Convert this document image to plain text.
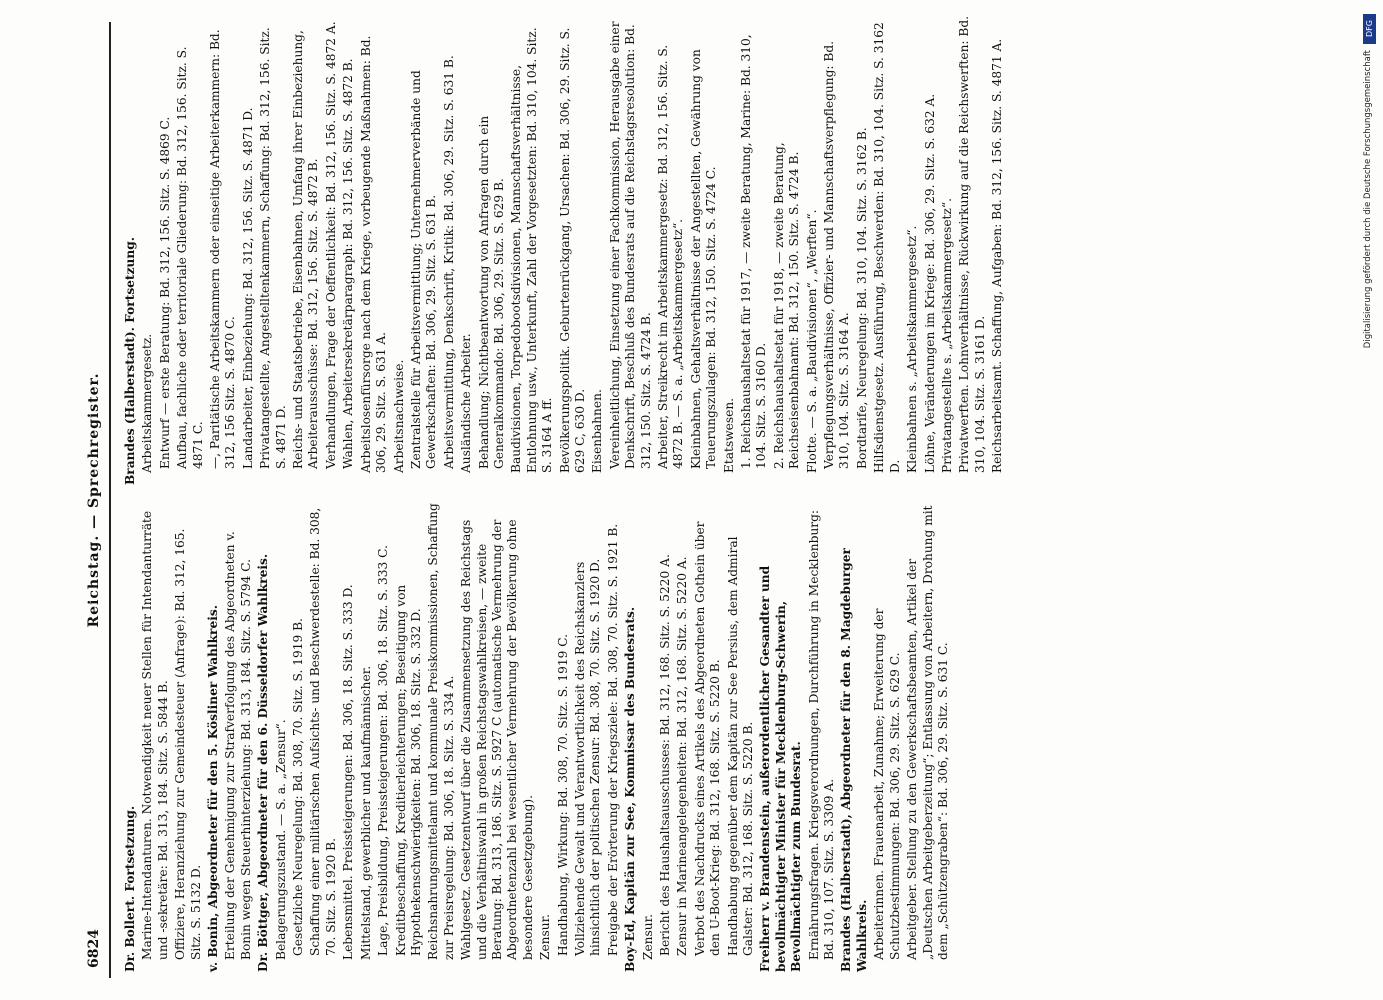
6824
Reichstag. — Sprechregister.
Dr. Bollert. Fortsetzung. Marine-Intendanturen. Notwendigkeit neuer Stellen für Intendanturräte und -sekretäre: Bd. 313, 184. Sitz. S. 5844 B. Offiziere, Heranziehung zur Gemeindesteuer (Anfrage): Bd. 312, 165. Sitz. S. 5132 D. v. Bonin, Abgeordneter für den 5. Kösliner Wahlkreis. Erteilung der Genehmigung zur Strafverfolgung des Abgeordneten v. Bonin wegen Steuerhinterziehung: Bd. 313, 184. Sitz. S. 5794 C. Dr. Böttger, Abgeordneter für den 6. Düsseldorfer Wahlkreis. Belagerungszustand. — S. a. „Zensur“. Gesetzliche Neuregelung: Bd. 308, 70. Sitz. S. 1919 B. Schaffung einer militärischen Aufsichts- und Beschwerdestelle: Bd. 308, 70. Sitz. S. 1920 B. Lebensmittel. Preissteigerungen: Bd. 306, 18. Sitz. S. 333 D. Mittelstand, gewerblicher und kaufmännischer. Lage, Preisbildung, Preissteigerungen: Bd. 306, 18. Sitz. S. 333 C. Kreditbeschaffung, Kreditierleichterungen; Beseitigung von Hypothekenschwierigkeiten: Bd. 306, 18. Sitz. S. 332 D. Reichsnahrungsmittelamt und kommunale Preiskommissionen, Schaffung zur Preisregelung: Bd. 306, 18. Sitz. S. 334 A. Wahlgesetz. Gesetzentwurf über die Zusammensetzung des Reichstags und die Verhältniswahl in großen Reichstagswahlkreisen, — zweite Beratung: Bd. 313, 186. Sitz. S. 5927 C (automatische Vermehrung der Abgeordnetenzahl bei wesentlicher Vermehrung der Bevölkerung ohne besondere Gesetzgebung). Zensur. Handhabung, Wirkung: Bd. 308, 70. Sitz. S. 1919 C. Vollziehende Gewalt und Verantwortlichkeit des Reichskanzlers hinsichtlich der politischen Zensur: Bd. 308, 70. Sitz. S. 1920 D. Freigabe der Erörterung der Kriegsziele: Bd. 308, 70. Sitz. S. 1921 B. Boy-Ed, Kapitän zur See, Kommissar des Bundesrats. Zensur. Bericht des Haushaltsausschusses: Bd. 312, 168. Sitz. S. 5220 A. Zensur in Marineangelegenheiten: Bd. 312, 168. Sitz. S. 5220 A. Verbot des Nachdrucks eines Artikels des Abgeordneten Gothein über den U-Boot-Krieg: Bd. 312, 168. Sitz. S. 5220 B. Handhabung gegenüber dem Kapitän zur See Persius, dem Admiral Galster: Bd. 312, 168. Sitz. S. 5220 B. Freiherr v. Brandenstein, außerordentlicher Gesandter und bevollmächtigter Minister für Mecklenburg-Schwerin, Bevollmächtigter zum Bundesrat. Ernährungsfragen. Kriegsverordnungen, Durchführung in Mecklenburg: Bd. 310, 107. Sitz. S. 3309 A. Brandes (Halberstadt), Abgeordneter für den 8. Magdeburger Wahlkreis. Arbeiterinnen. Frauenarbeit, Zunahme; Erweiterung der Schutzbestimmungen: Bd. 306, 29. Sitz. S. 629 C. Arbeitgeber. Stellung zu den Gewerkschaftsbeamten, Artikel der „Deutschen Arbeitgeberzeitung“; Entlassung von Arbeitern, Drohung mit dem „Schützengraben“: Bd. 306, 29. Sitz. S. 631 C.
Brandes (Halberstadt). Fortsetzung. Arbeitskammergesetz. Entwurf — erste Beratung: Bd. 312, 156. Sitz. S. 4869 C. Aufbau, fachliche oder territoriale Gliederung: Bd. 312, 156. Sitz. S. 4871 C. —, Paritätische Arbeitskammern oder einseitige Arbeiterkammern: Bd. 312, 156 Sitz. S. 4870 C. Landarbeiter, Einbeziehung: Bd. 312, 156. Sitz. S. 4871 D. Privatangestellte, Angestelltenkammern, Schaffung: Bd. 312, 156. Sitz. S. 4871 D. Reichs- und Staatsbetriebe, Eisenbahnen, Umfang ihrer Einbeziehung, Arbeiterausschüsse: Bd. 312, 156. Sitz. S. 4872 B. Verhandlungen, Frage der Oeffentlichkeit: Bd. 312, 156. Sitz. S. 4872 A. Wahlen, Arbeitersekretärparagraph: Bd. 312, 156. Sitz. S. 4872 B. Arbeitslosenfürsorge nach dem Kriege, vorbeugende Maßnahmen: Bd. 306, 29. Sitz. S. 631 A. Arbeitsnachweise. Zentralstelle für Arbeitsvermittlung; Unternehmerverbände und Gewerkschaften: Bd. 306, 29. Sitz. S. 631 B. Arbeitsvermittlung, Denkschrift, Kritik: Bd. 306, 29. Sitz. S. 631 B. Ausländische Arbeiter. Behandlung; Nichtbeantwortung von Anfragen durch ein Generalkommando: Bd. 306, 29. Sitz. S. 629 B. Baudivisionen, Torpedobootsdivisionen, Mannschaftsverhältnisse, Entlohnung usw., Unterkunft, Zahl der Vorgesetzten: Bd. 310, 104. Sitz. S. 3164 A ff. Bevölkerungspolitik. Geburtenrückgang, Ursachen: Bd. 306, 29. Sitz. S. 629 C, 630 D. Eisenbahnen. Vereinheitlichung, Einsetzung einer Fachkommission, Herausgabe einer Denkschrift, Beschluß des Bundesrats auf die Reichstagsresolution: Bd. 312, 150. Sitz. S. 4724 B. Arbeiter, Streikrecht im Arbeitskammergesetz: Bd. 312, 156. Sitz. S. 4872 B. — S. a. „Arbeitskammergesetz“. Kleinbahnen, Gehaltsverhältnisse der Angestellten, Gewährung von Teuerungszulagen: Bd. 312, 150. Sitz. S. 4724 C. Etatswesen. 1. Reichshaushaltsetat für 1917, — zweite Beratung, Marine: Bd. 310, 104. Sitz. S. 3160 D. 2. Reichshaushaltsetat für 1918, — zweite Beratung, Reichseisenbahnamt: Bd. 312, 150. Sitz. S. 4724 B. Flotte. — S. a. „Baudivisionen“, „Werften“. Verpflegungsverhältnisse, Offizier- und Mannschaftsverpflegung: Bd. 310, 104. Sitz. S. 3164 A. Bordtarife, Neuregelung: Bd. 310, 104. Sitz. S. 3162 B. Hilfsdienstgesetz. Ausführung, Beschwerden: Bd. 310, 104. Sitz. S. 3162 D. Kleinbahnen s. „Arbeitskammergesetz“. Löhne, Veränderungen im Kriege: Bd. 306, 29. Sitz. S. 632 A. Privatangestellte s. „Arbeitskammergesetz“. Privatwerften. Lohnverhältnisse, Rückwirkung auf die Reichswerften: Bd. 310, 104. Sitz. S. 3161 D. Reichsarbeitsamt. Schaffung, Aufgaben: Bd. 312, 156. Sitz. S. 4871 A.
DFG
Digitalisierung gefördert durch die Deutsche Forschungsgemeinschaft
